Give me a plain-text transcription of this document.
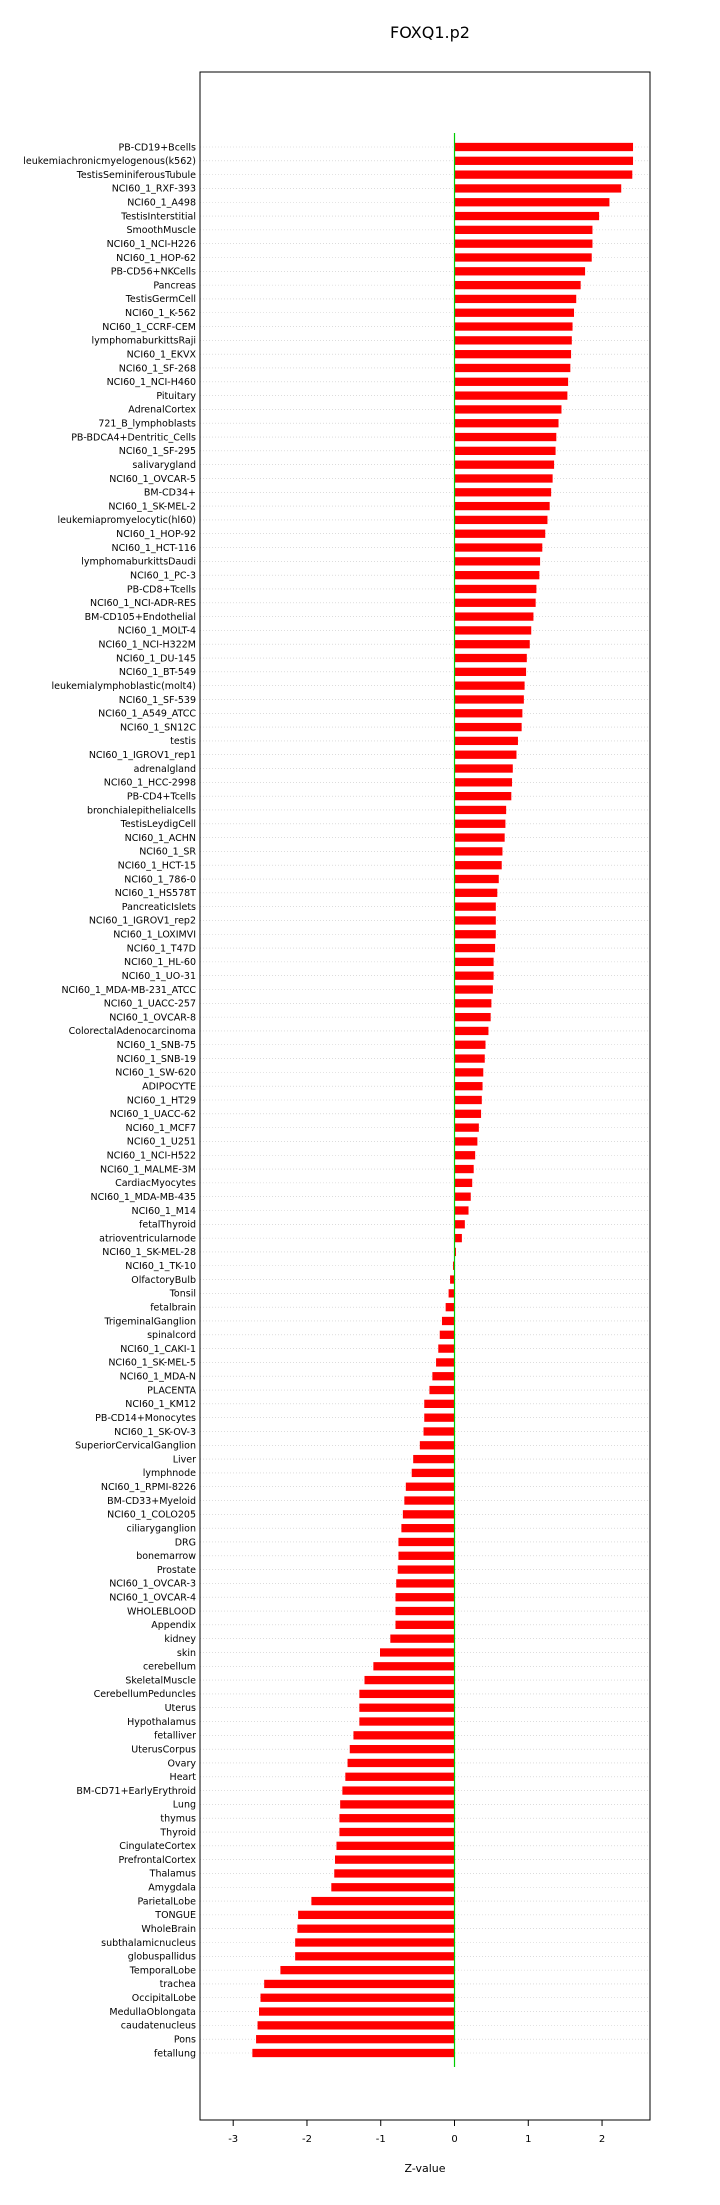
FOXQ1.p2
PB-CD19+Bcells
leukemiachronicmyelogenous(k562)
TestisSeminiferousTubule
NCI60_1_RXF-393
NCI60_1_A498
TestisInterstitial
SmoothMuscle
NCI60_1_NCI-H226
NCI60_1_HOP-62
PB-CD56+NKCells
Pancreas
TestisGermCell
NCI60_1_K-562
NCI60_1_CCRF-CEM
lymphomaburkittsRaji
NCI60_1_EKVX
NCI60_1_SF-268
NCI60_1_NCI-H460
Pituitary
AdrenalCortex
721_B_lymphoblasts
PB-BDCA4+Dentritic_Cells
NCI60_1_SF-295
salivarygland
NCI60_1_OVCAR-5
BM-CD34+
NCI60_1_SK-MEL-2
leukemiapromyelocytic(hl60)
NCI60_1_HOP-92
NCI60_1_HCT-116
lymphomaburkittsDaudi
NCI60_1_PC-3
PB-CD8+Tcells
NCI60_1_NCI-ADR-RES
BM-CD105+Endothelial
NCI60_1_MOLT-4
NCI60_1_NCI-H322M
NCI60_1_DU-145
NCI60_1_BT-549
leukemialymphoblastic(molt4)
NCI60_1_SF-539
NCI60_1_A549_ATCC
NCI60_1_SN12C
testis
NCI60_1_IGROV1_rep1
adrenalgland
NCI60_1_HCC-2998
PB-CD4+Tcells
bronchialepithelialcells
TestisLeydigCell
NCI60_1_ACHN
NCI60_1_SR
NCI60_1_HCT-15
NCI60_1_786-0
NCI60_1_HS578T
PancreaticIslets
NCI60_1_IGROV1_rep2
NCI60_1_LOXIMVI
NCI60_1_T47D
NCI60_1_HL-60
NCI60_1_UO-31
NCI60_1_MDA-MB-231_ATCC
NCI60_1_UACC-257
NCI60_1_OVCAR-8
ColorectalAdenocarcinoma
NCI60_1_SNB-75
NCI60_1_SNB-19
NCI60_1_SW-620
ADIPOCYTE
NCI60_1_HT29
NCI60_1_UACC-62
NCI60_1_MCF7
NCI60_1_U251
NCI60_1_NCI-H522
NCI60_1_MALME-3M
CardiacMyocytes
NCI60_1_MDA-MB-435
NCI60_1_M14
fetalThyroid
atrioventricularnode
NCI60_1_SK-MEL-28
NCI60_1_TK-10
OlfactoryBulb
Tonsil
fetalbrain
TrigeminalGanglion
spinalcord
NCI60_1_CAKI-1
NCI60_1_SK-MEL-5
NCI60_1_MDA-N
PLACENTA
NCI60_1_KM12
PB-CD14+Monocytes
NCI60_1_SK-OV-3
SuperiorCervicalGanglion
Liver
lymphnode
NCI60_1_RPMI-8226
BM-CD33+Myeloid
NCI60_1_COLO205
ciliaryganglion
DRG
bonemarrow
Prostate
NCI60_1_OVCAR-3
NCI60_1_OVCAR-4
WHOLEBLOOD
Appendix
kidney
skin
cerebellum
SkeletalMuscle
CerebellumPeduncles
Uterus
Hypothalamus
fetalliver
UterusCorpus
Ovary
Heart
BM-CD71+EarlyErythroid
Lung
thymus
Thyroid
CingulateCortex
PrefrontalCortex
Thalamus
Amygdala
ParietalLobe
TONGUE
WholeBrain
subthalamicnucleus
globuspallidus
TemporalLobe
trachea
OccipitalLobe
MedullaOblongata
caudatenucleus
Pons
fetallung
-3	-2	-1	0	1	2
Z-value
